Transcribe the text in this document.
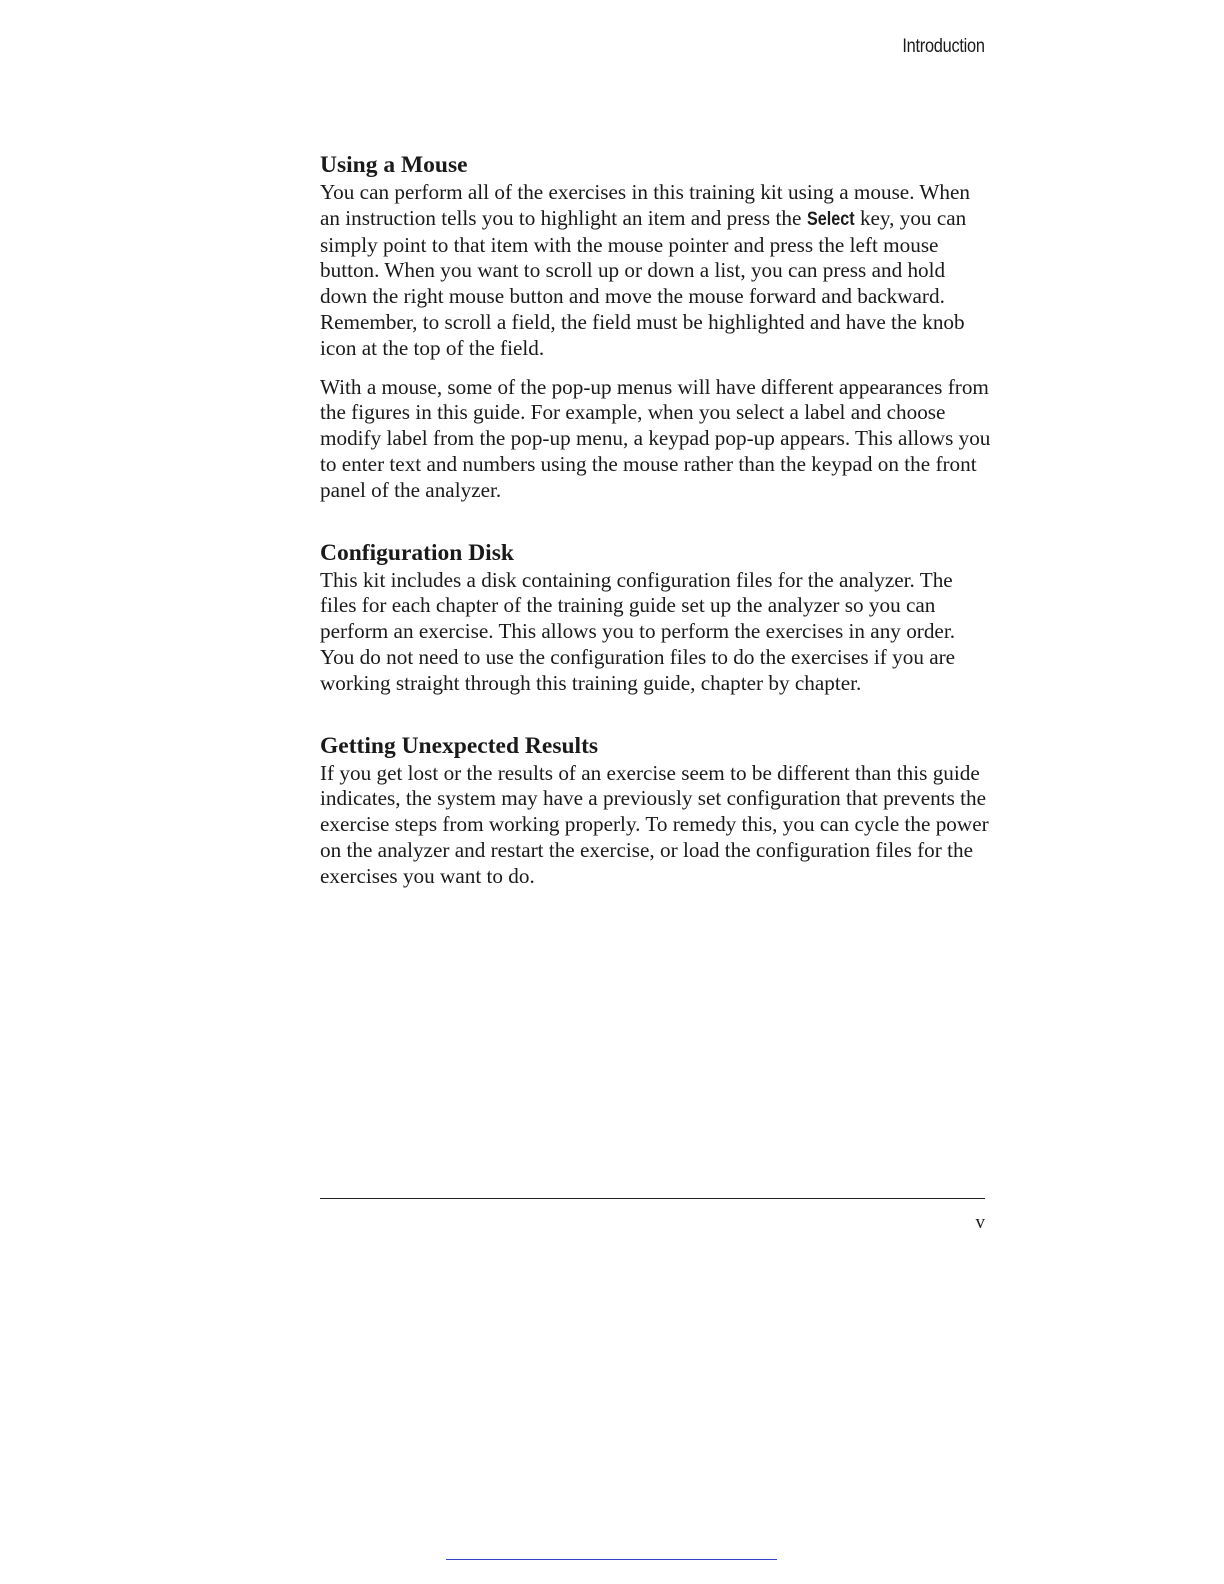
Introduction
Using a Mouse

You can perform all of the exercises in this training kit using a mouse. When an instruction tells you to highlight an item and press the Select key, you can simply point to that item with the mouse pointer and press the left mouse button. When you want to scroll up or down a list, you can press and hold down the right mouse button and move the mouse forward and backward. Remember, to scroll a field, the field must be highlighted and have the knob icon at the top of the field.

With a mouse, some of the pop-up menus will have different appearances from the figures in this guide. For example, when you select a label and choose modify label from the pop-up menu, a keypad pop-up appears. This allows you to enter text and numbers using the mouse rather than the keypad on the front panel of the analyzer.

Configuration Disk

This kit includes a disk containing configuration files for the analyzer. The files for each chapter of the training guide set up the analyzer so you can perform an exercise. This allows you to perform the exercises in any order. You do not need to use the configuration files to do the exercises if you are working straight through this training guide, chapter by chapter.

Getting Unexpected Results

If you get lost or the results of an exercise seem to be different than this guide indicates, the system may have a previously set configuration that prevents the exercise steps from working properly. To remedy this, you can cycle the power on the analyzer and restart the exercise, or load the configuration files for the exercises you want to do.

v
